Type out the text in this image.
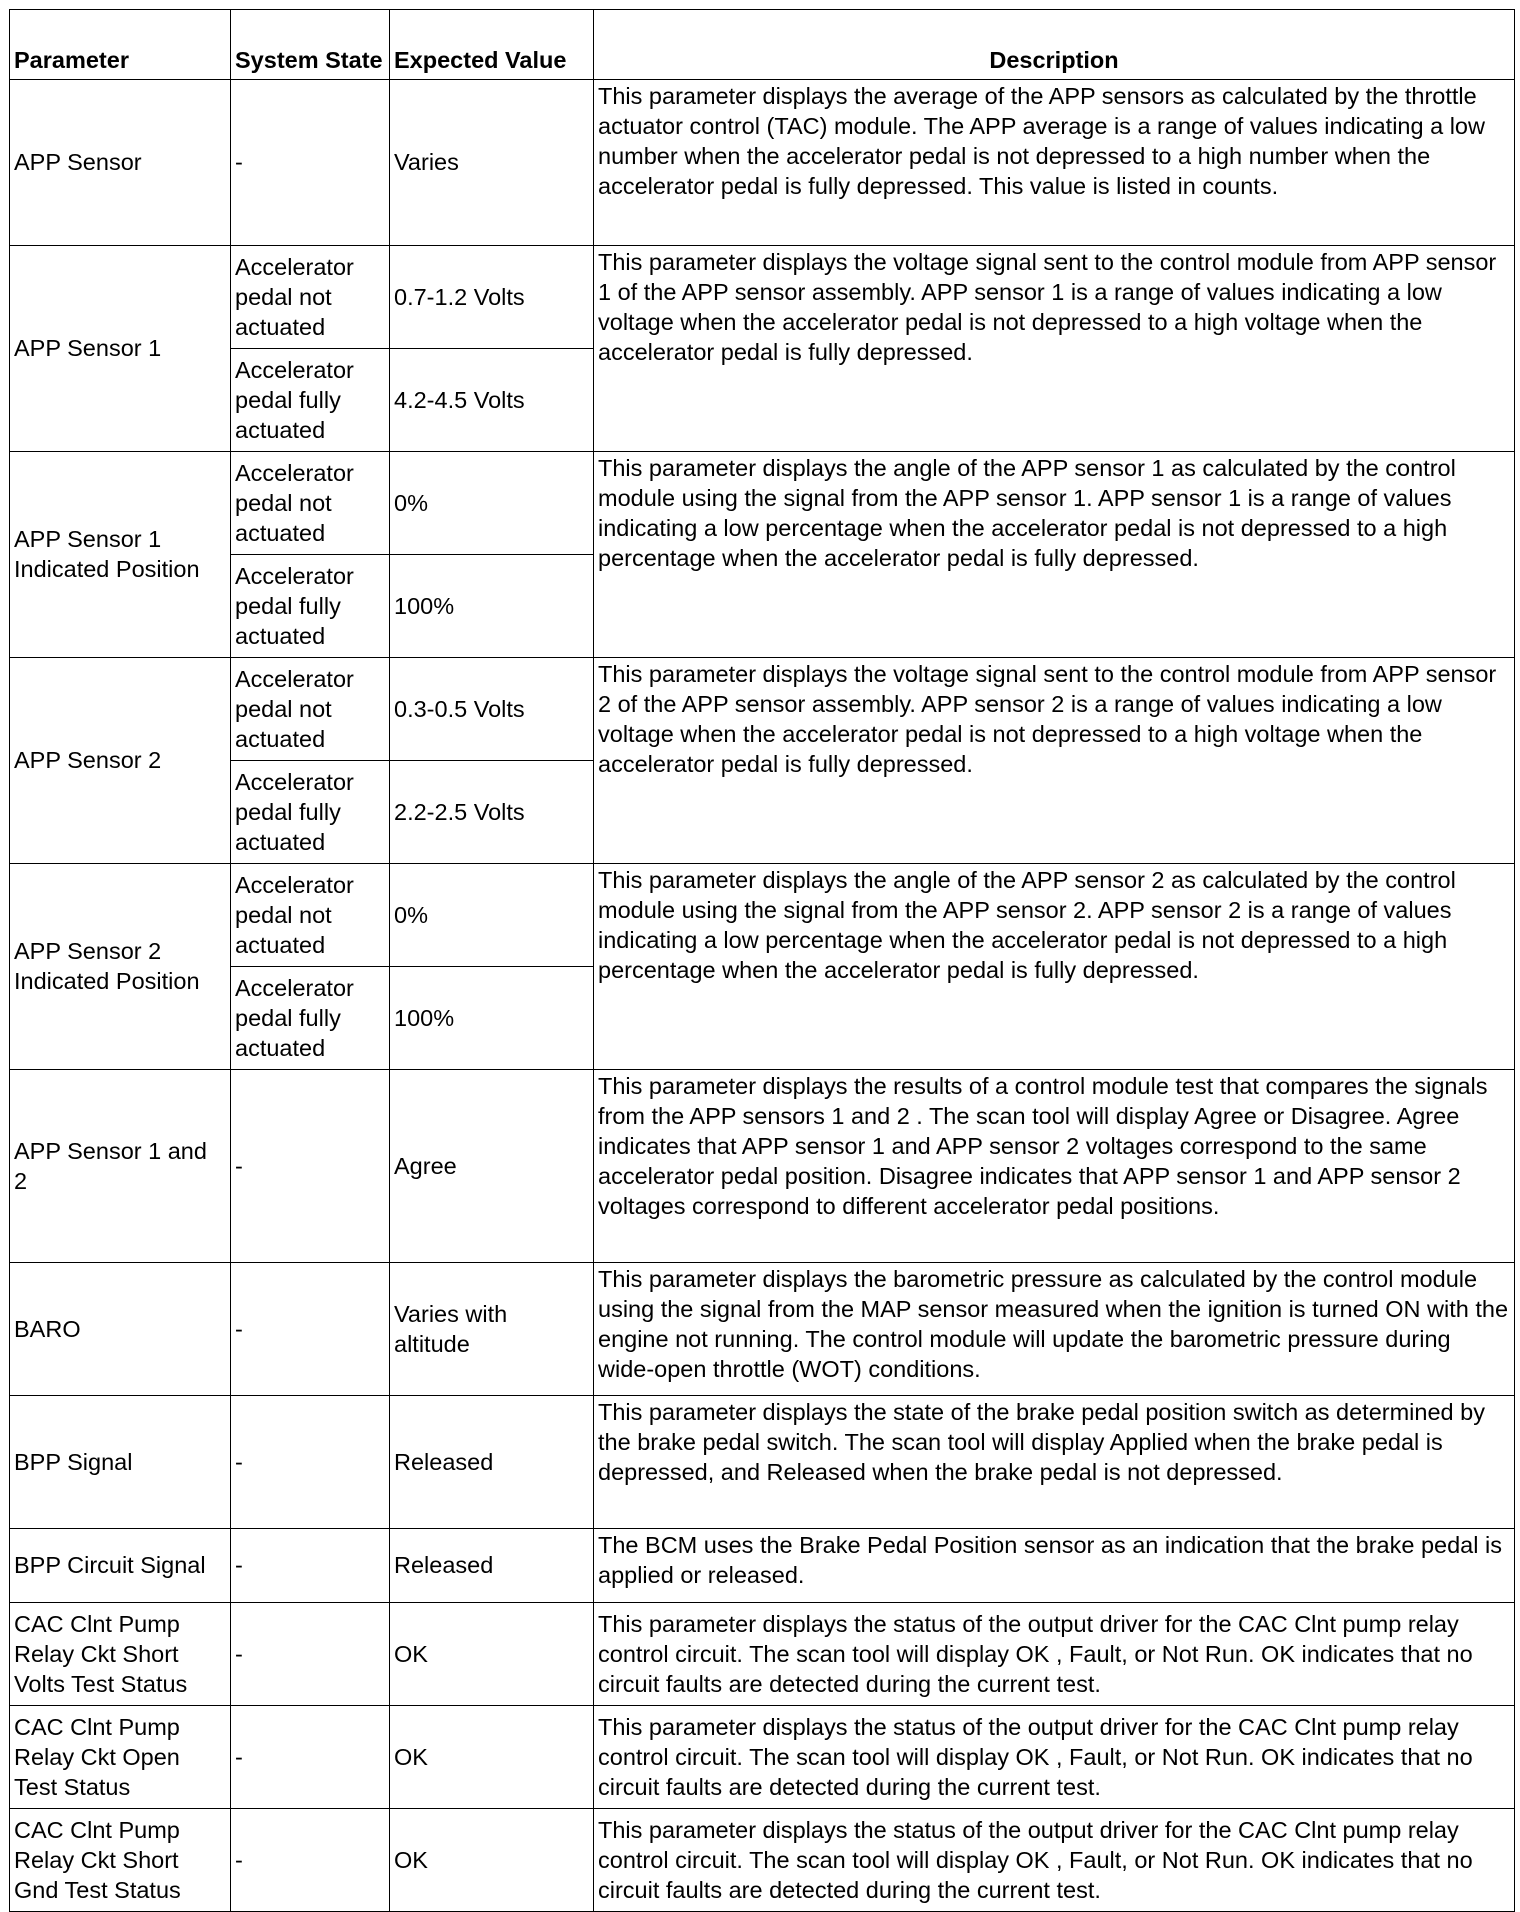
Parameter	System State	Expected Value	Description
APP Sensor	-	Varies	This parameter displays the average of the APP sensors as calculated by the throttle actuator control (TAC) module. The APP average is a range of values indicating a low number when the accelerator pedal is not depressed to a high number when the accelerator pedal is fully depressed. This value is listed in counts.
APP Sensor 1	Accelerator pedal not actuated	0.7-1.2 Volts	This parameter displays the voltage signal sent to the control module from APP sensor 1 of the APP sensor assembly. APP sensor 1 is a range of values indicating a low voltage when the accelerator pedal is not depressed to a high voltage when the accelerator pedal is fully depressed.
	Accelerator pedal fully actuated	4.2-4.5 Volts	
APP Sensor 1 Indicated Position	Accelerator pedal not actuated	0%	This parameter displays the angle of the APP sensor 1 as calculated by the control module using the signal from the APP sensor 1. APP sensor 1 is a range of values indicating a low percentage when the accelerator pedal is not depressed to a high percentage when the accelerator pedal is fully depressed.
	Accelerator pedal fully actuated	100%	
APP Sensor 2	Accelerator pedal not actuated	0.3-0.5 Volts	This parameter displays the voltage signal sent to the control module from APP sensor 2 of the APP sensor assembly. APP sensor 2 is a range of values indicating a low voltage when the accelerator pedal is not depressed to a high voltage when the accelerator pedal is fully depressed.
	Accelerator pedal fully actuated	2.2-2.5 Volts	
APP Sensor 2 Indicated Position	Accelerator pedal not actuated	0%	This parameter displays the angle of the APP sensor 2 as calculated by the control module using the signal from the APP sensor 2. APP sensor 2 is a range of values indicating a low percentage when the accelerator pedal is not depressed to a high percentage when the accelerator pedal is fully depressed.
	Accelerator pedal fully actuated	100%	
APP Sensor 1 and 2	-	Agree	This parameter displays the results of a control module test that compares the signals from the APP sensors 1 and 2 . The scan tool will display Agree or Disagree. Agree indicates that APP sensor 1 and APP sensor 2 voltages correspond to the same accelerator pedal position. Disagree indicates that APP sensor 1 and APP sensor 2 voltages correspond to different accelerator pedal positions.
BARO	-	Varies with altitude	This parameter displays the barometric pressure as calculated by the control module using the signal from the MAP sensor measured when the ignition is turned ON with the engine not running. The control module will update the barometric pressure during wide-open throttle (WOT) conditions.
BPP Signal	-	Released	This parameter displays the state of the brake pedal position switch as determined by the brake pedal switch. The scan tool will display Applied when the brake pedal is depressed, and Released when the brake pedal is not depressed.
BPP Circuit Signal	-	Released	The BCM uses the Brake Pedal Position sensor as an indication that the brake pedal is applied or released.
CAC Clnt Pump Relay Ckt Short Volts Test Status	-	OK	This parameter displays the status of the output driver for the CAC Clnt pump relay control circuit. The scan tool will display OK , Fault, or Not Run. OK indicates that no circuit faults are detected during the current test.
CAC Clnt Pump Relay Ckt Open Test Status	-	OK	This parameter displays the status of the output driver for the CAC Clnt pump relay control circuit. The scan tool will display OK , Fault, or Not Run. OK indicates that no circuit faults are detected during the current test.
CAC Clnt Pump Relay Ckt Short Gnd Test Status	-	OK	This parameter displays the status of the output driver for the CAC Clnt pump relay control circuit. The scan tool will display OK , Fault, or Not Run. OK indicates that no circuit faults are detected during the current test.
